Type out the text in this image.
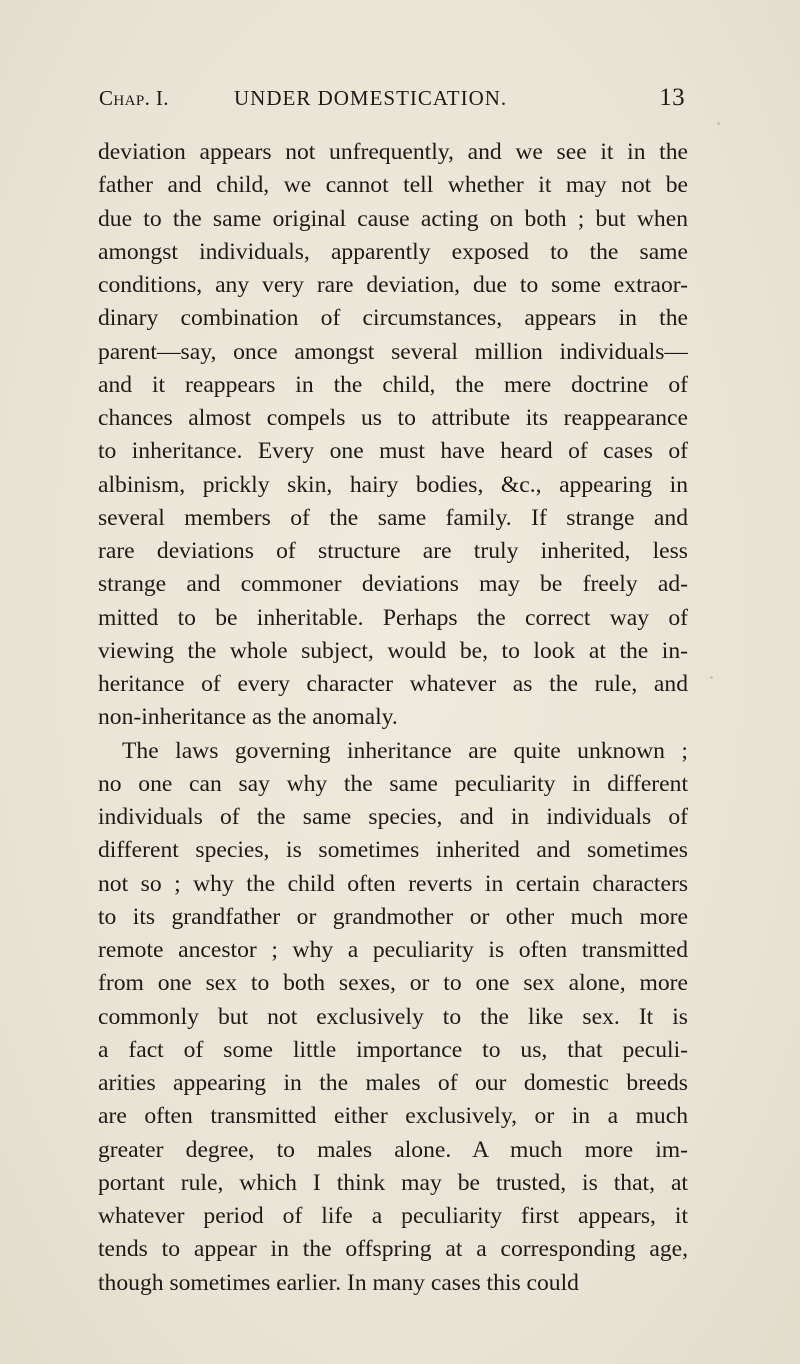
Chap. I.	UNDER DOMESTICATION.	13
deviation appears not unfrequently, and we see it in the
father and child, we cannot tell whether it may not be
due to the same original cause acting on both ; but when
amongst individuals, apparently exposed to the same
conditions, any very rare deviation, due to some extraor-
dinary combination of circumstances, appears in the
parent—say, once amongst several million individuals—
and it reappears in the child, the mere doctrine of
chances almost compels us to attribute its reappearance
to inheritance. Every one must have heard of cases of
albinism, prickly skin, hairy bodies, &c., appearing in
several members of the same family. If strange and
rare deviations of structure are truly inherited, less
strange and commoner deviations may be freely ad-
mitted to be inheritable. Perhaps the correct way of
viewing the whole subject, would be, to look at the in-
heritance of every character whatever as the rule, and
non-inheritance as the anomaly.
The laws governing inheritance are quite unknown ;
no one can say why the same peculiarity in different
individuals of the same species, and in individuals of
different species, is sometimes inherited and sometimes
not so ; why the child often reverts in certain characters
to its grandfather or grandmother or other much more
remote ancestor ; why a peculiarity is often transmitted
from one sex to both sexes, or to one sex alone, more
commonly but not exclusively to the like sex. It is
a fact of some little importance to us, that peculi-
arities appearing in the males of our domestic breeds
are often transmitted either exclusively, or in a much
greater degree, to males alone. A much more im-
portant rule, which I think may be trusted, is that, at
whatever period of life a peculiarity first appears, it
tends to appear in the offspring at a corresponding age,
though sometimes earlier. In many cases this could
